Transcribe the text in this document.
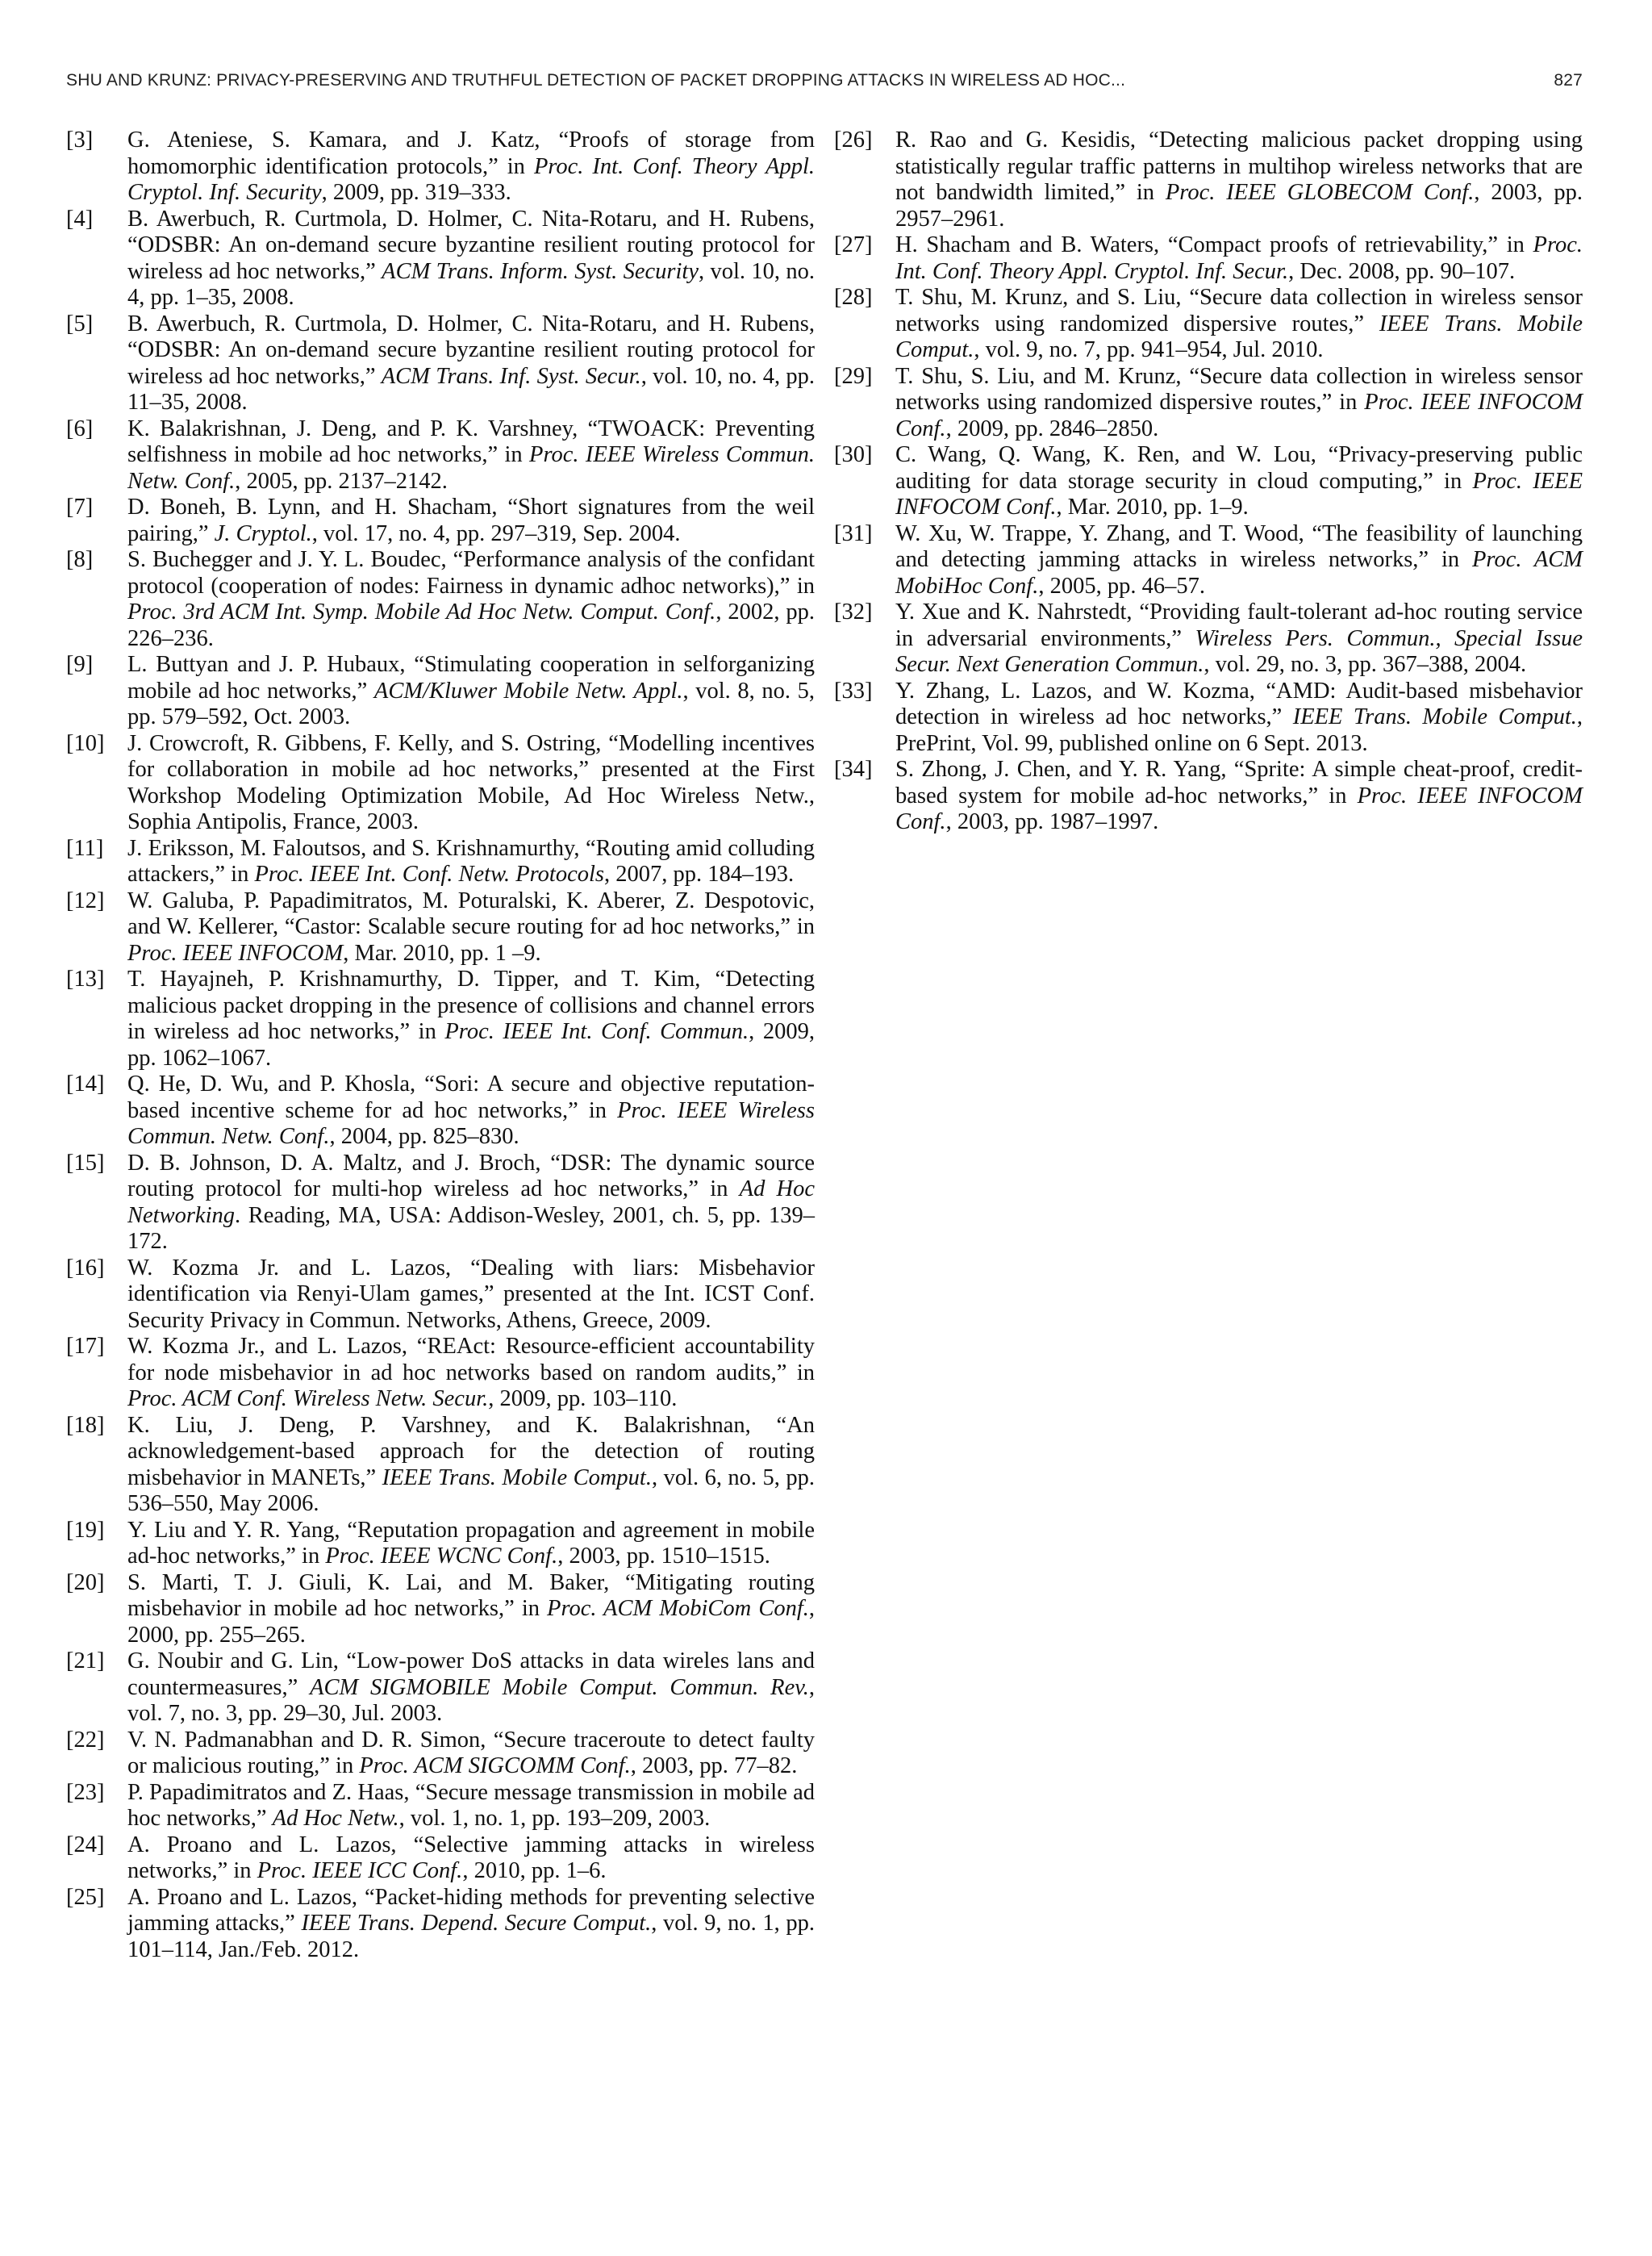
SHU AND KRUNZ: PRIVACY-PRESERVING AND TRUTHFUL DETECTION OF PACKET DROPPING ATTACKS IN WIRELESS AD HOC...	827
[3] G. Ateniese, S. Kamara, and J. Katz, “Proofs of storage from homomorphic identification protocols,” in Proc. Int. Conf. Theory Appl. Cryptol. Inf. Security, 2009, pp. 319–333.
[4] B. Awerbuch, R. Curtmola, D. Holmer, C. Nita-Rotaru, and H. Rubens, “ODSBR: An on-demand secure byzantine resilient routing protocol for wireless ad hoc networks,” ACM Trans. Inform. Syst. Security, vol. 10, no. 4, pp. 1–35, 2008.
[5] B. Awerbuch, R. Curtmola, D. Holmer, C. Nita-Rotaru, and H. Rubens, “ODSBR: An on-demand secure byzantine resilient routing protocol for wireless ad hoc networks,” ACM Trans. Inf. Syst. Secur., vol. 10, no. 4, pp. 11–35, 2008.
[6] K. Balakrishnan, J. Deng, and P. K. Varshney, “TWOACK: Preventing selfishness in mobile ad hoc networks,” in Proc. IEEE Wireless Commun. Netw. Conf., 2005, pp. 2137–2142.
[7] D. Boneh, B. Lynn, and H. Shacham, “Short signatures from the weil pairing,” J. Cryptol., vol. 17, no. 4, pp. 297–319, Sep. 2004.
[8] S. Buchegger and J. Y. L. Boudec, “Performance analysis of the confidant protocol (cooperation of nodes: Fairness in dynamic adhoc networks),” in Proc. 3rd ACM Int. Symp. Mobile Ad Hoc Netw. Comput. Conf., 2002, pp. 226–236.
[9] L. Buttyan and J. P. Hubaux, “Stimulating cooperation in selforganizing mobile ad hoc networks,” ACM/Kluwer Mobile Netw. Appl., vol. 8, no. 5, pp. 579–592, Oct. 2003.
[10] J. Crowcroft, R. Gibbens, F. Kelly, and S. Ostring, “Modelling incentives for collaboration in mobile ad hoc networks,” presented at the First Workshop Modeling Optimization Mobile, Ad Hoc Wireless Netw., Sophia Antipolis, France, 2003.
[11] J. Eriksson, M. Faloutsos, and S. Krishnamurthy, “Routing amid colluding attackers,” in Proc. IEEE Int. Conf. Netw. Protocols, 2007, pp. 184–193.
[12] W. Galuba, P. Papadimitratos, M. Poturalski, K. Aberer, Z. Despotovic, and W. Kellerer, “Castor: Scalable secure routing for ad hoc networks,” in Proc. IEEE INFOCOM, Mar. 2010, pp. 1 –9.
[13] T. Hayajneh, P. Krishnamurthy, D. Tipper, and T. Kim, “Detecting malicious packet dropping in the presence of collisions and channel errors in wireless ad hoc networks,” in Proc. IEEE Int. Conf. Commun., 2009, pp. 1062–1067.
[14] Q. He, D. Wu, and P. Khosla, “Sori: A secure and objective reputation-based incentive scheme for ad hoc networks,” in Proc. IEEE Wireless Commun. Netw. Conf., 2004, pp. 825–830.
[15] D. B. Johnson, D. A. Maltz, and J. Broch, “DSR: The dynamic source routing protocol for multi-hop wireless ad hoc networks,” in Ad Hoc Networking. Reading, MA, USA: Addison-Wesley, 2001, ch. 5, pp. 139–172.
[16] W. Kozma Jr. and L. Lazos, “Dealing with liars: Misbehavior identification via Renyi-Ulam games,” presented at the Int. ICST Conf. Security Privacy in Commun. Networks, Athens, Greece, 2009.
[17] W. Kozma Jr., and L. Lazos, “REAct: Resource-efficient accountability for node misbehavior in ad hoc networks based on random audits,” in Proc. ACM Conf. Wireless Netw. Secur., 2009, pp. 103–110.
[18] K. Liu, J. Deng, P. Varshney, and K. Balakrishnan, “An acknowledgement-based approach for the detection of routing misbehavior in MANETs,” IEEE Trans. Mobile Comput., vol. 6, no. 5, pp. 536–550, May 2006.
[19] Y. Liu and Y. R. Yang, “Reputation propagation and agreement in mobile ad-hoc networks,” in Proc. IEEE WCNC Conf., 2003, pp. 1510–1515.
[20] S. Marti, T. J. Giuli, K. Lai, and M. Baker, “Mitigating routing misbehavior in mobile ad hoc networks,” in Proc. ACM MobiCom Conf., 2000, pp. 255–265.
[21] G. Noubir and G. Lin, “Low-power DoS attacks in data wireles lans and countermeasures,” ACM SIGMOBILE Mobile Comput. Commun. Rev., vol. 7, no. 3, pp. 29–30, Jul. 2003.
[22] V. N. Padmanabhan and D. R. Simon, “Secure traceroute to detect faulty or malicious routing,” in Proc. ACM SIGCOMM Conf., 2003, pp. 77–82.
[23] P. Papadimitratos and Z. Haas, “Secure message transmission in mobile ad hoc networks,” Ad Hoc Netw., vol. 1, no. 1, pp. 193–209, 2003.
[24] A. Proano and L. Lazos, “Selective jamming attacks in wireless networks,” in Proc. IEEE ICC Conf., 2010, pp. 1–6.
[25] A. Proano and L. Lazos, “Packet-hiding methods for preventing selective jamming attacks,” IEEE Trans. Depend. Secure Comput., vol. 9, no. 1, pp. 101–114, Jan./Feb. 2012.
[26] R. Rao and G. Kesidis, “Detecting malicious packet dropping using statistically regular traffic patterns in multihop wireless networks that are not bandwidth limited,” in Proc. IEEE GLOBECOM Conf., 2003, pp. 2957–2961.
[27] H. Shacham and B. Waters, “Compact proofs of retrievability,” in Proc. Int. Conf. Theory Appl. Cryptol. Inf. Secur., Dec. 2008, pp. 90–107.
[28] T. Shu, M. Krunz, and S. Liu, “Secure data collection in wireless sensor networks using randomized dispersive routes,” IEEE Trans. Mobile Comput., vol. 9, no. 7, pp. 941–954, Jul. 2010.
[29] T. Shu, S. Liu, and M. Krunz, “Secure data collection in wireless sensor networks using randomized dispersive routes,” in Proc. IEEE INFOCOM Conf., 2009, pp. 2846–2850.
[30] C. Wang, Q. Wang, K. Ren, and W. Lou, “Privacy-preserving public auditing for data storage security in cloud computing,” in Proc. IEEE INFOCOM Conf., Mar. 2010, pp. 1–9.
[31] W. Xu, W. Trappe, Y. Zhang, and T. Wood, “The feasibility of launching and detecting jamming attacks in wireless networks,” in Proc. ACM MobiHoc Conf., 2005, pp. 46–57.
[32] Y. Xue and K. Nahrstedt, “Providing fault-tolerant ad-hoc routing service in adversarial environments,” Wireless Pers. Commun., Special Issue Secur. Next Generation Commun., vol. 29, no. 3, pp. 367–388, 2004.
[33] Y. Zhang, L. Lazos, and W. Kozma, “AMD: Audit-based misbehavior detection in wireless ad hoc networks,” IEEE Trans. Mobile Comput., PrePrint, Vol. 99, published online on 6 Sept. 2013.
[34] S. Zhong, J. Chen, and Y. R. Yang, “Sprite: A simple cheat-proof, credit-based system for mobile ad-hoc networks,” in Proc. IEEE INFOCOM Conf., 2003, pp. 1987–1997.
